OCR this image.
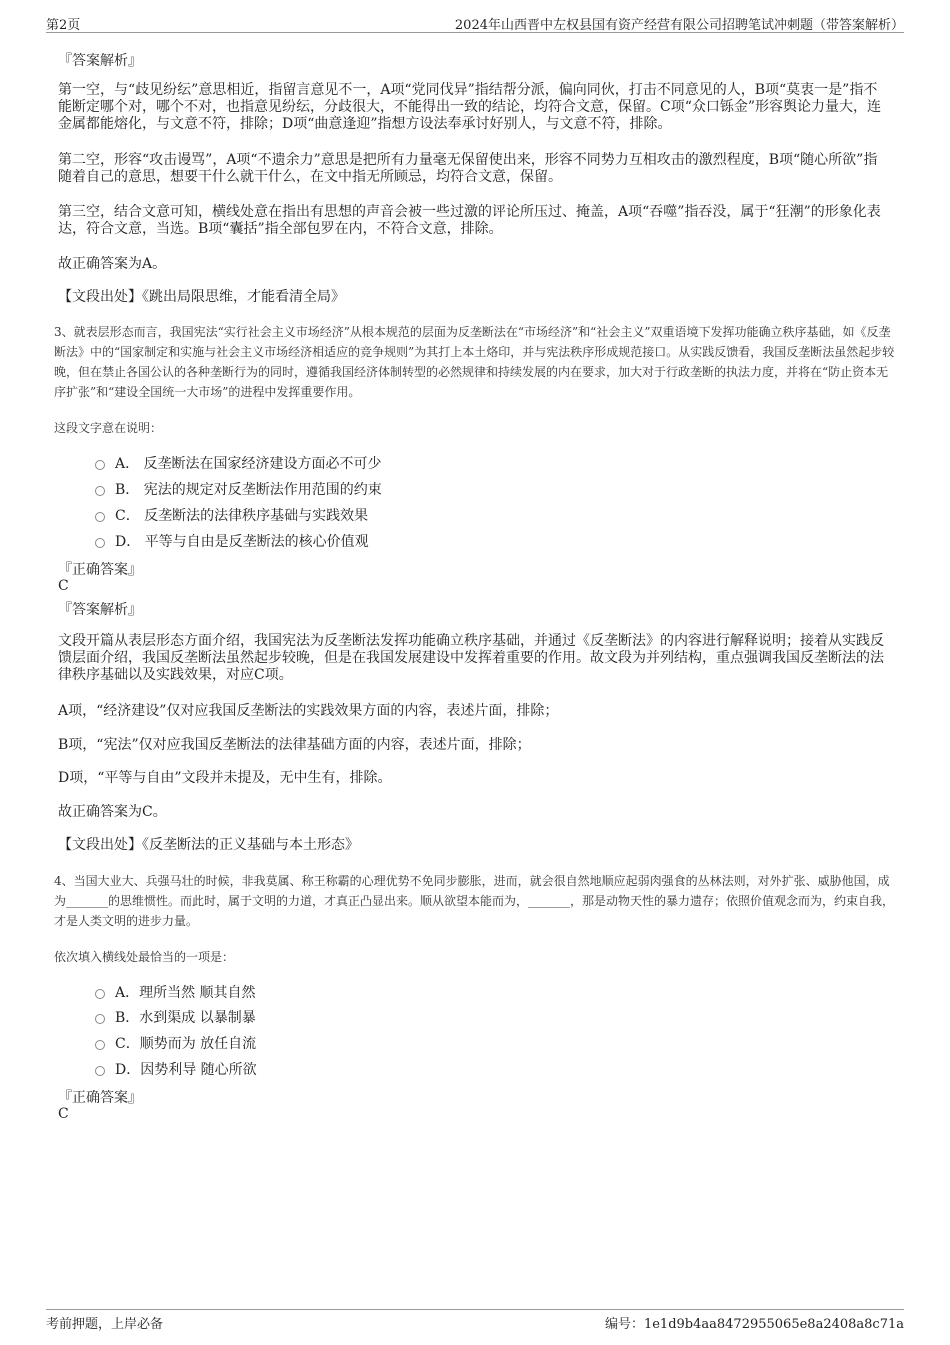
第2页	2024年山西晋中左权县国有资产经营有限公司招聘笔试冲刺题（带答案解析）
『答案解析』
第一空，与“歧见纷纭”意思相近，指留言意见不一，A项“党同伐异”指结帮分派，偏向同伙，打击不同意见的人，B项“莫衷一是”指不能断定哪个对，哪个不对，也指意见纷纭，分歧很大，不能得出一致的结论，均符合文意，保留。C项“众口铄金”形容舆论力量大，连金属都能熔化，与文意不符，排除；D项“曲意逢迎”指想方设法奉承讨好别人，与文意不符，排除。
第二空，形容“攻击谩骂”，A项“不遗余力”意思是把所有力量毫无保留使出来，形容不同势力互相攻击的激烈程度，B项“随心所欲”指随着自己的意思，想要干什么就干什么，在文中指无所顾忌，均符合文意，保留。
第三空，结合文意可知，横线处意在指出有思想的声音会被一些过激的评论所压过、掩盖，A项“吞噬”指吞没，属于“狂潮”的形象化表达，符合文意，当选。B项“囊括”指全部包罗在内，不符合文意，排除。
故正确答案为A。
【文段出处】《跳出局限思维，才能看清全局》
3、就表层形态而言，我国宪法“实行社会主义市场经济”从根本规范的层面为反垄断法在“市场经济”和“社会主义”双重语境下发挥功能确立秩序基础，如《反垄断法》中的“国家制定和实施与社会主义市场经济相适应的竞争规则”为其打上本土烙印，并与宪法秩序形成规范接口。从实践反馈看，我国反垄断法虽然起步较晚，但在禁止各国公认的各种垄断行为的同时，遵循我国经济体制转型的必然规律和持续发展的内在要求，加大对于行政垄断的执法力度，并将在“防止资本无序扩张”和“建设全国统一大市场”的进程中发挥重要作用。
这段文字意在说明：
A． 反垄断法在国家经济建设方面必不可少
B． 宪法的规定对反垄断法作用范围的约束
C． 反垄断法的法律秩序基础与实践效果
D． 平等与自由是反垄断法的核心价值观
『正确答案』
C
『答案解析』
文段开篇从表层形态方面介绍，我国宪法为反垄断法发挥功能确立秩序基础，并通过《反垄断法》的内容进行解释说明；接着从实践反馈层面介绍，我国反垄断法虽然起步较晚，但是在我国发展建设中发挥着重要的作用。故文段为并列结构，重点强调我国反垄断法的法律秩序基础以及实践效果，对应C项。
A项，“经济建设”仅对应我国反垄断法的实践效果方面的内容，表述片面，排除；
B项，“宪法”仅对应我国反垄断法的法律基础方面的内容，表述片面，排除；
D项，“平等与自由”文段并未提及，无中生有，排除。
故正确答案为C。
【文段出处】《反垄断法的正义基础与本土形态》
4、当国大业大、兵强马壮的时候，非我莫属、称王称霸的心理优势不免同步膨胀，进而，就会很自然地顺应起弱肉强食的丛林法则，对外扩张、威胁他国，成为_______的思维惯性。而此时，属于文明的力道，才真正凸显出来。顺从欲望本能而为，_______，那是动物天性的暴力遗存；依照价值观念而为，约束自我，才是人类文明的进步力量。
依次填入横线处最恰当的一项是：
A．理所当然 顺其自然
B．水到渠成 以暴制暴
C．顺势而为 放任自流
D．因势利导 随心所欲
『正确答案』
C
考前押题，上岸必备	编号：1e1d9b4aa8472955065e8a2408a8c71a
